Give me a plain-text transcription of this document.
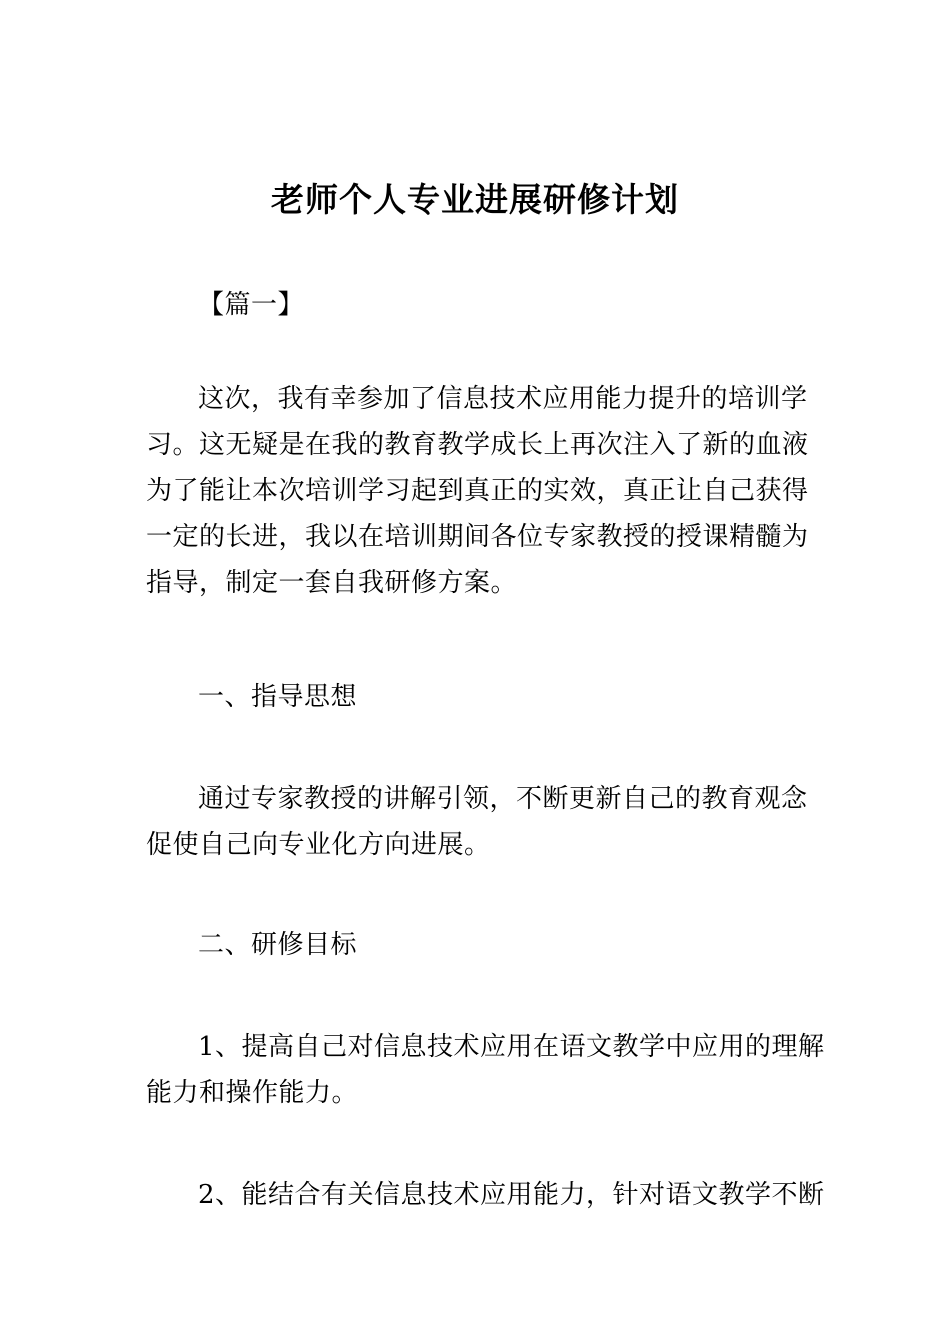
老师个人专业进展研修计划
【篇一】
这次，我有幸参加了信息技术应用能力提升的培训学
习。这无疑是在我的教育教学成长上再次注入了新的血液
为了能让本次培训学习起到真正的实效，真正让自己获得
一定的长进，我以在培训期间各位专家教授的授课精髓为
指导，制定一套自我研修方案。
一、指导思想
通过专家教授的讲解引领，不断更新自己的教育观念
促使自己向专业化方向进展。
二、研修目标
1、提高自己对信息技术应用在语文教学中应用的理解
能力和操作能力。
2、能结合有关信息技术应用能力，针对语文教学不断
